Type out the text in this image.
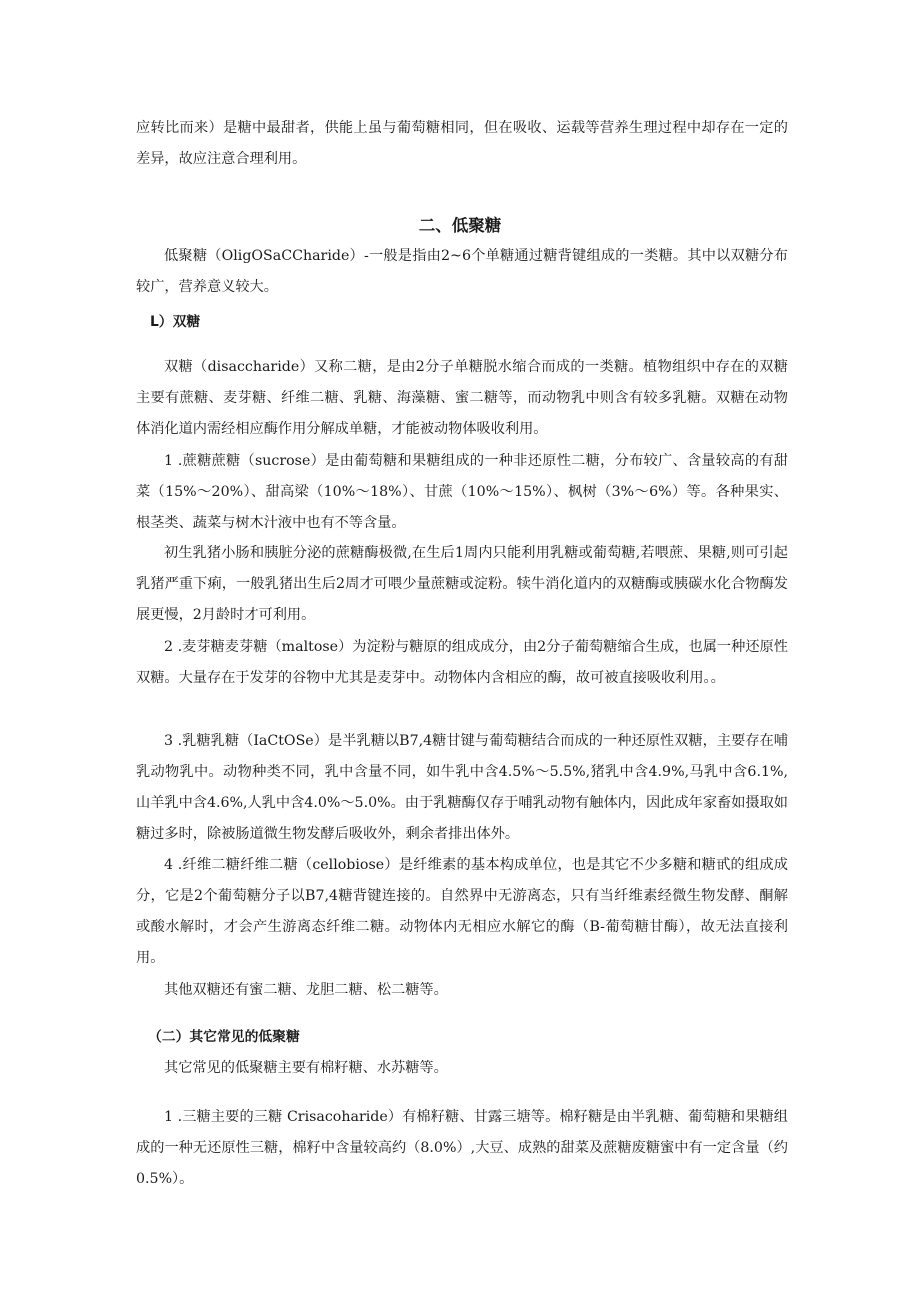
应转比而来）是糖中最甜者，供能上虽与葡萄糖相同，但在吸收、运载等营养生理过程中却存在一定的差异，故应注意合理利用。

二、低聚糖

低聚糖（OligOSaCCharide）-一般是指由2~6个单糖通过糖背键组成的一类糖。其中以双糖分布较广，营养意义较大。

L）双糖

双糖（disaccharide）又称二糖，是由2分子单糖脱水缩合而成的一类糖。植物组织中存在的双糖主要有蔗糖、麦芽糖、纤维二糖、乳糖、海藻糖、蜜二糖等，而动物乳中则含有较多乳糖。双糖在动物体消化道内需经相应酶作用分解成单糖，才能被动物体吸收利用。

1 .蔗糖蔗糖（sucrose）是由葡萄糖和果糖组成的一种非还原性二糖，分布较广、含量较高的有甜菜（15%～20%）、甜高梁（10%～18%）、甘蔗（10%～15%）、枫树（3%～6%）等。各种果实、根茎类、蔬菜与树木汁液中也有不等含量。

初生乳猪小肠和胰脏分泌的蔗糖酶极微,在生后1周内只能利用乳糖或葡萄糖,若喂蔗、果糖,则可引起乳猪严重下痢，一般乳猪出生后2周才可喂少量蔗糖或淀粉。犊牛消化道内的双糖酶或胰碳水化合物酶发展更慢，2月龄时才可利用。

2 .麦芽糖麦芽糖（maltose）为淀粉与糖原的组成成分，由2分子葡萄糖缩合生成，也属一种还原性双糖。大量存在于发芽的谷物中尤其是麦芽中。动物体内含相应的酶，故可被直接吸收利用。。

3 .乳糖乳糖（IaCtOSe）是半乳糖以B7,4糖甘键与葡萄糖结合而成的一种还原性双糖，主要存在哺乳动物乳中。动物种类不同，乳中含量不同，如牛乳中含4.5%～5.5%,猪乳中含4.9%,马乳中含6.1%,山羊乳中含4.6%,人乳中含4.0%～5.0%。由于乳糖酶仅存于哺乳动物有触体内，因此成年家畜如摄取如糖过多时，除被肠道微生物发酵后吸收外，剩余者排出体外。

4 .纤维二糖纤维二糖（cellobiose）是纤维素的基本构成单位，也是其它不少多糖和糖甙的组成成分，它是2个葡萄糖分子以B7,4糖背键连接的。自然界中无游离态，只有当纤维素经微生物发酵、酮解或酸水解时，才会产生游离态纤维二糖。动物体内无相应水解它的酶（B-葡萄糖甘酶），故无法直接利用。

其他双糖还有蜜二糖、龙胆二糖、松二糖等。

（二）其它常见的低聚糖

其它常见的低聚糖主要有棉籽糖、水苏糖等。

1 .三糖主要的三糖 Crisacoharide）有棉籽糖、甘露三塘等。棉籽糖是由半乳糖、葡萄糖和果糖组成的一种无还原性三糖，棉籽中含量较高约（8.0%）,大豆、成熟的甜菜及蔗糖废糖蜜中有一定含量（约0.5%）。
